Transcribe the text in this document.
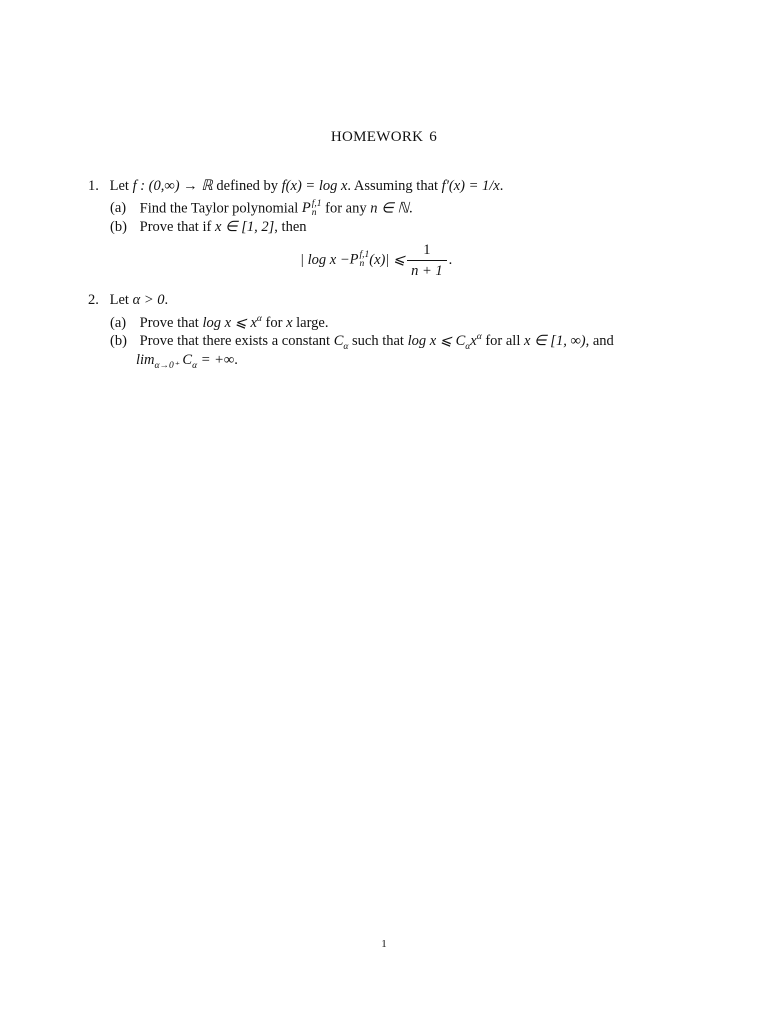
HOMEWORK 6
1. Let f : (0,∞) → ℝ defined by f(x) = log x. Assuming that f′(x) = 1/x.
(a) Find the Taylor polynomial P f,1
n for any n ∈ ℕ.
(b) Prove that if x ∈ [1, 2], then
| log x − P f,1
n (x)| ⩽ $\frac{1}{n + 1}$ .
2. Let α > 0.
(a) Prove that log x ⩽ $x^\alpha$ for x large.
(b) Prove that there exists a constant $C_\alpha$ such that log x ⩽ $C_\alpha x^\alpha$ for all x ∈ [1, ∞), and
$\lim_{\alpha\to 0^+} C_\alpha$ = +∞.
1
